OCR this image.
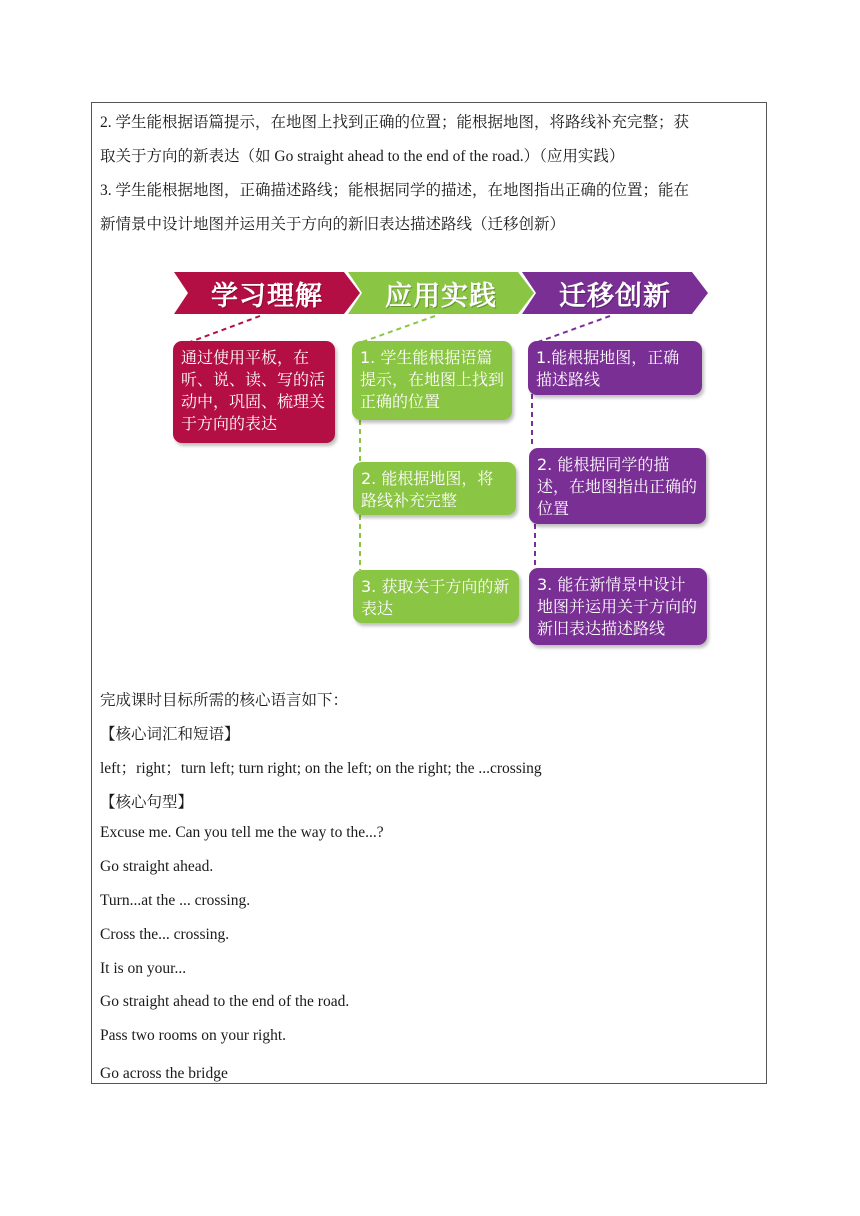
2. 学生能根据语篇提示，在地图上找到正确的位置；能根据地图，将路线补充完整；获
取关于方向的新表达（如 Go straight ahead to the end of the road.）（应用实践）
3. 学生能根据地图，正确描述路线；能根据同学的描述，在地图指出正确的位置；能在
新情景中设计地图并运用关于方向的新旧表达描述路线（迁移创新）
学习理解 应用实践 迁移创新
通过使用平板，在听、说、读、写的活动中，巩固、梳理关于方向的表达
1. 学生能根据语篇提示，在地图上找到正确的位置
2. 能根据地图，将路线补充完整
3. 获取关于方向的新表达
1.能根据地图，正确描述路线
2. 能根据同学的描述，在地图指出正确的位置
3. 能在新情景中设计地图并运用关于方向的新旧表达描述路线
完成课时目标所需的核心语言如下：
【核心词汇和短语】
left；right；turn left; turn right; on the left; on the right; the ...crossing
【核心句型】
Excuse me. Can you tell me the way to the...?
Go straight ahead.
Turn...at the ... crossing.
Cross the... crossing.
It is on your...
Go straight ahead to the end of the road.
Pass two rooms on your right.
Go across the bridge
